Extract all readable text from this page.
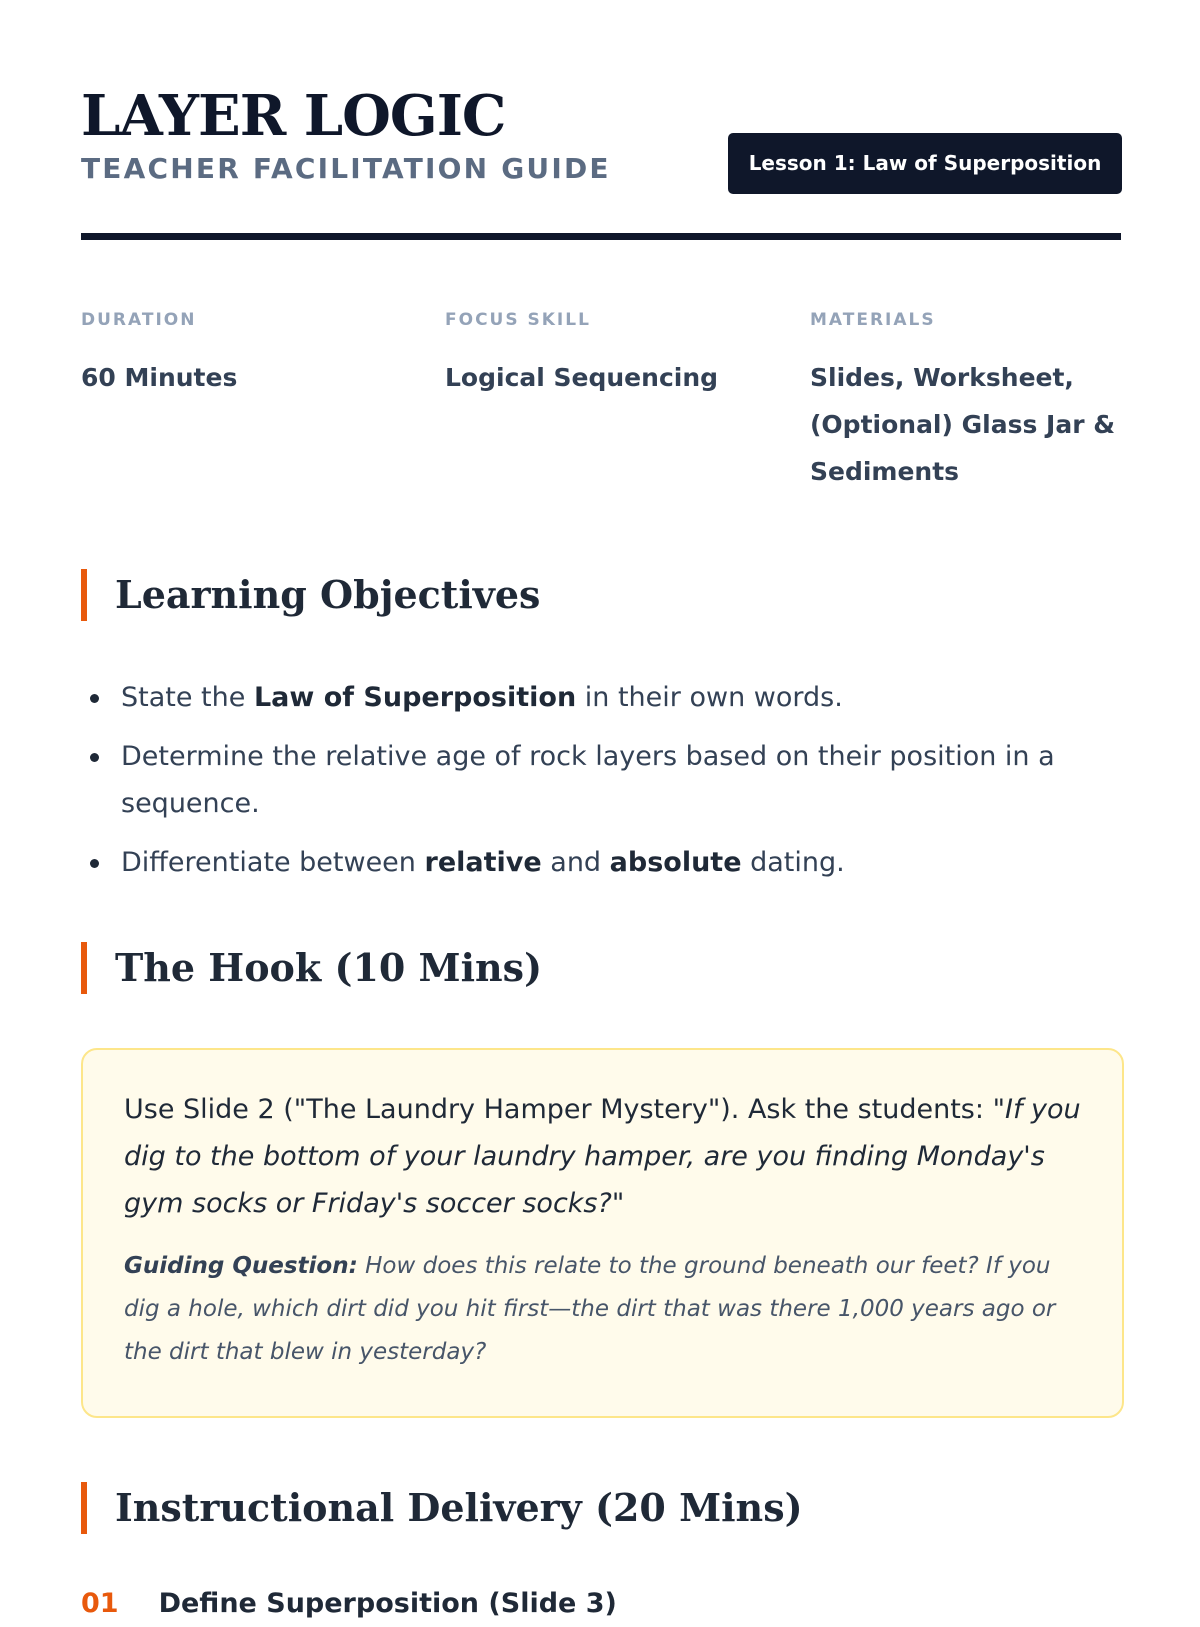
LAYER LOGIC
TEACHER FACILITATION GUIDE	Lesson 1: Law of Superposition
DURATION
60 Minutes
FOCUS SKILL
Logical Sequencing
MATERIALS
Slides, Worksheet, (Optional) Glass Jar & Sediments
Learning Objectives
State the Law of Superposition in their own words.
Determine the relative age of rock layers based on their position in a sequence.
Differentiate between relative and absolute dating.
The Hook (10 Mins)

Use Slide 2 ("The Laundry Hamper Mystery"). Ask the students: "If you dig to the bottom of your laundry hamper, are you finding Monday's gym socks or Friday's soccer socks?"

Guiding Question: How does this relate to the ground beneath our feet? If you dig a hole, which dirt did you hit first—the dirt that was there 1,000 years ago or the dirt that blew in yesterday?

Instructional Delivery (20 Mins)
01 Define Superposition (Slide 3)
